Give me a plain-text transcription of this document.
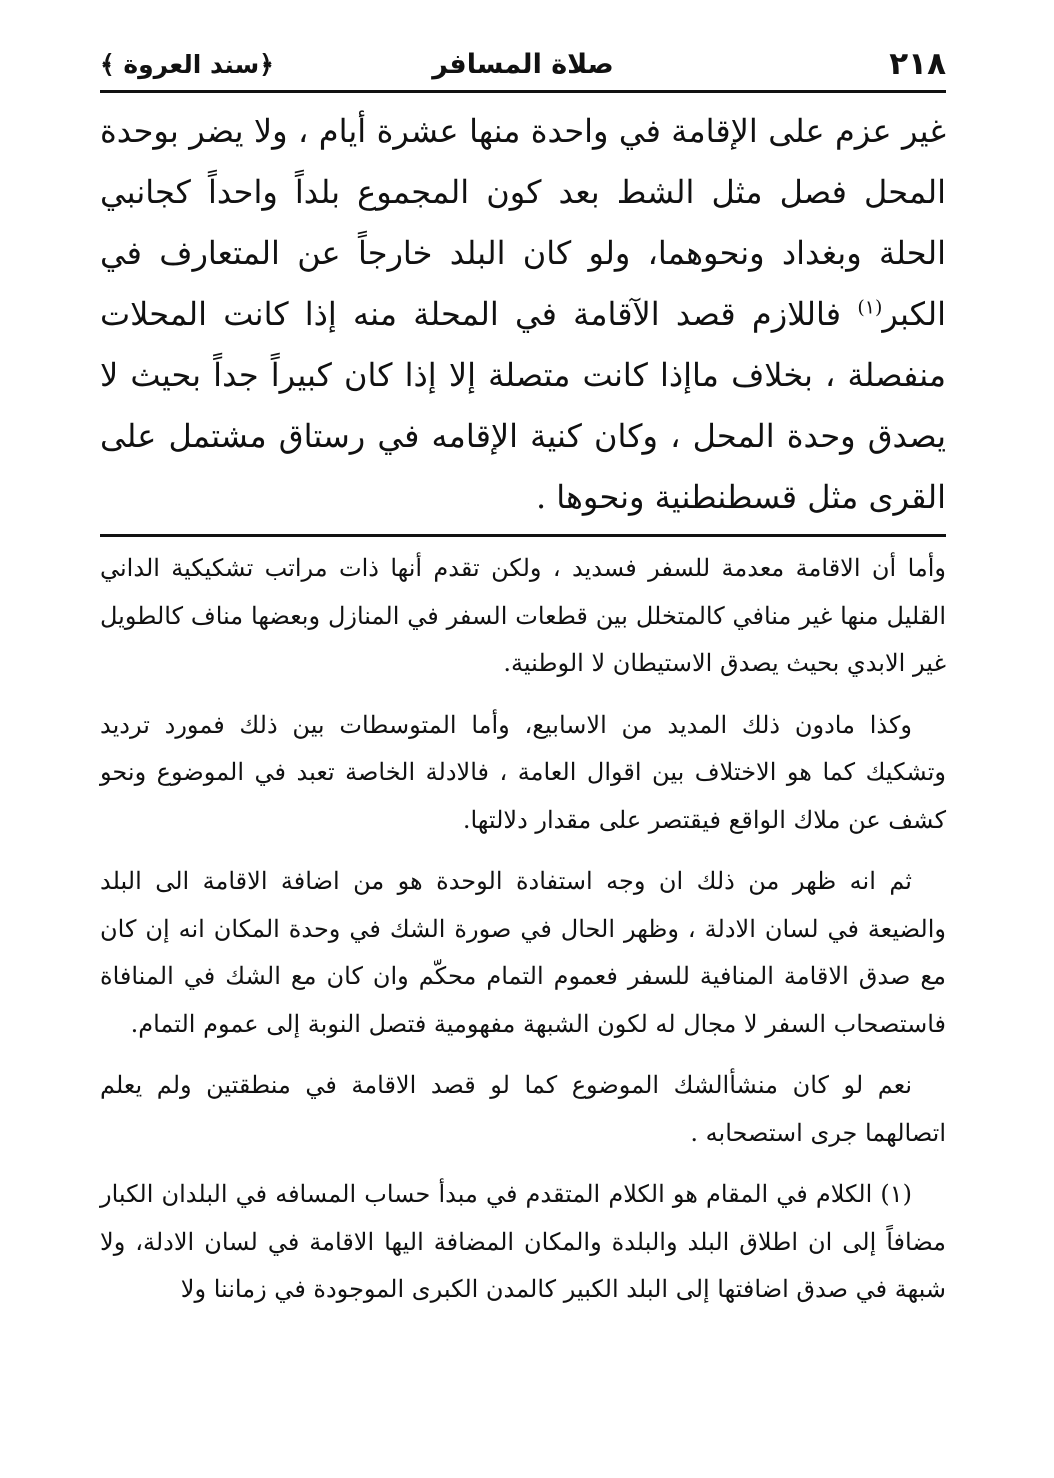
٢١٨
صلاة المسافر
﴿سند العروة ﴾

غير عزم على الإقامة في واحدة منها عشرة أيام ، ولا يضر بوحدة المحل فصل مثل الشط بعد كون المجموع بلداً واحداً كجانبي الحلة وبغداد ونحوهما، ولو كان البلد خارجاً عن المتعارف في الكبر$^{(١)}$ فاللازم قصد الآقامة في المحلة منه إذا كانت المحلات منفصلة ، بخلاف ماإذا كانت متصلة إلا إذا كان كبيراً جداً بحيث لا يصدق وحدة المحل ، وكان كنية الإقامه في رستاق مشتمل على القرى مثل قسطنطنية ونحوها .

وأما أن الاقامة معدمة للسفر فسديد ، ولكن تقدم أنها ذات مراتب تشكيكية الداني القليل منها غير منافي كالمتخلل بين قطعات السفر في المنازل وبعضها مناف كالطويل غير الابدي بحيث يصدق الاستيطان لا الوطنية.

وكذا مادون ذلك المديد من الاسابيع، وأما المتوسطات بين ذلك فمورد ترديد وتشكيك كما هو الاختلاف بين اقوال العامة ، فالادلة الخاصة تعبد في الموضوع ونحو كشف عن ملاك الواقع فيقتصر على مقدار دلالتها.

ثم انه ظهر من ذلك ان وجه استفادة الوحدة هو من اضافة الاقامة الى البلد والضيعة في لسان الادلة ، وظهر الحال في صورة الشك في وحدة المكان انه إن كان مع صدق الاقامة المنافية للسفر فعموم التمام محكّم وان كان مع الشك في المنافاة فاستصحاب السفر لا مجال له لكون الشبهة مفهومية فتصل النوبة إلى عموم التمام.

نعم لو كان منشأالشك الموضوع كما لو قصد الاقامة في منطقتين ولم يعلم اتصالهما جرى استصحابه .

(١) الكلام في المقام هو الكلام المتقدم في مبدأ حساب المسافه في البلدان الكبار مضافاً إلى ان اطلاق البلد والبلدة والمكان المضافة اليها الاقامة في لسان الادلة، ولا شبهة في صدق اضافتها إلى البلد الكبير كالمدن الكبرى الموجودة في زماننا ولا
